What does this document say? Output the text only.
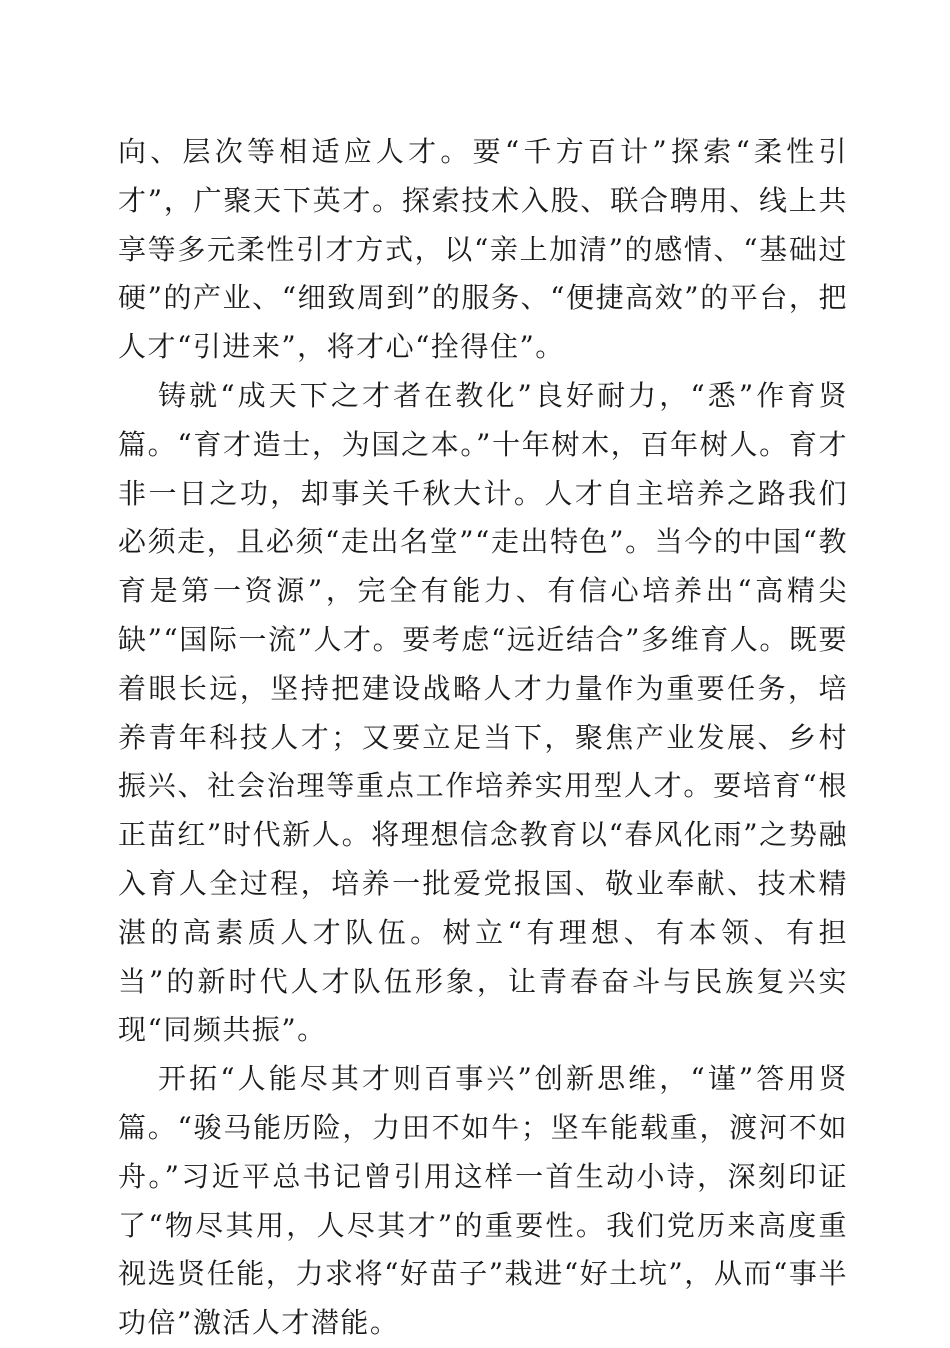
向、层次等相适应人才。要“千方百计”探索“柔性引才”，广聚天下英才。探索技术入股、联合聘用、线上共享等多元柔性引才方式，以“亲上加清”的感情、“基础过硬”的产业、“细致周到”的服务、“便捷高效”的平台，把人才“引进来”，将才心“拴得住”。

铸就“成天下之才者在教化”良好耐力，“悉”作育贤篇。“育才造士，为国之本。”十年树木，百年树人。育才非一日之功，却事关千秋大计。人才自主培养之路我们必须走，且必须“走出名堂”“走出特色”。当今的中国“教育是第一资源”，完全有能力、有信心培养出“高精尖缺”“国际一流”人才。要考虑“远近结合”多维育人。既要着眼长远，坚持把建设战略人才力量作为重要任务，培养青年科技人才；又要立足当下，聚焦产业发展、乡村振兴、社会治理等重点工作培养实用型人才。要培育“根正苗红”时代新人。将理想信念教育以“春风化雨”之势融入育人全过程，培养一批爱党报国、敬业奉献、技术精湛的高素质人才队伍。树立“有理想、有本领、有担当”的新时代人才队伍形象，让青春奋斗与民族复兴实现“同频共振”。

开拓“人能尽其才则百事兴”创新思维，“谨”答用贤篇。“骏马能历险，力田不如牛；坚车能载重，渡河不如舟。”习近平总书记曾引用这样一首生动小诗，深刻印证了“物尽其用，人尽其才”的重要性。我们党历来高度重视选贤任能，力求将“好苗子”栽进“好土坑”，从而“事半功倍”激活人才潜能。
